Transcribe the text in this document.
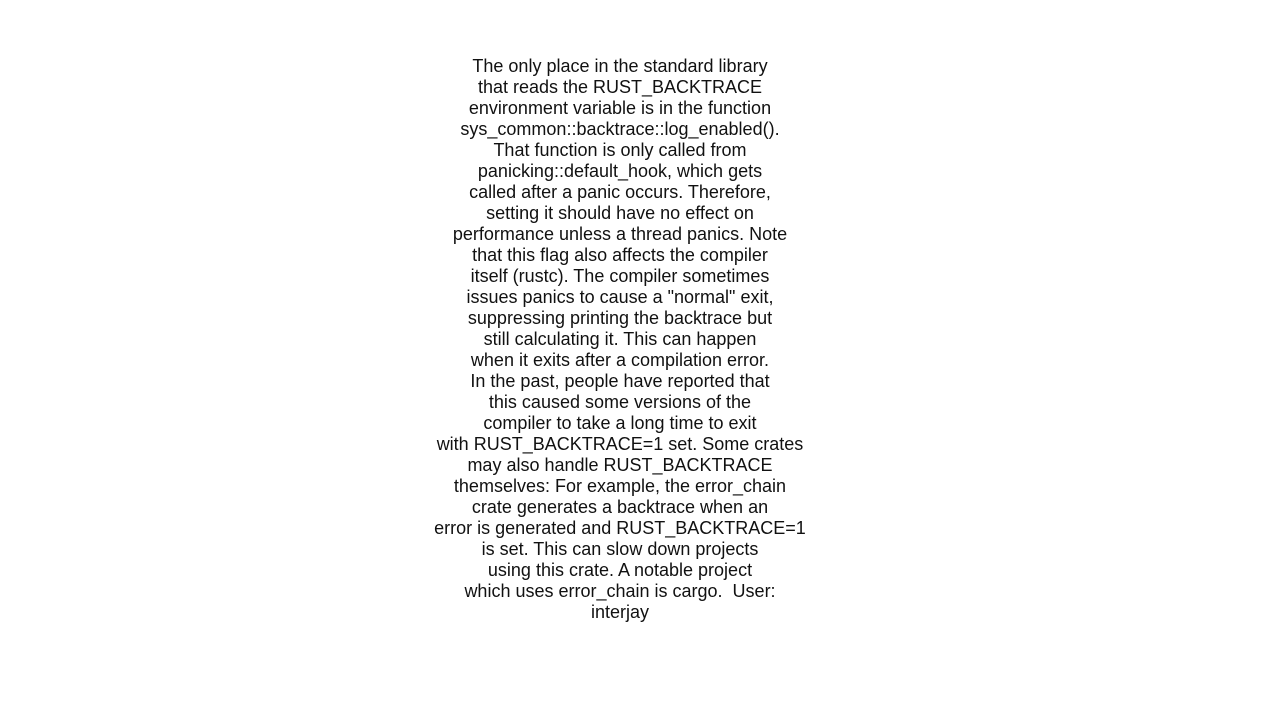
The only place in the standard library
that reads the RUST_BACKTRACE
environment variable is in the function
sys_common::backtrace::log_enabled().
That function is only called from
panicking::default_hook, which gets
called after a panic occurs. Therefore,
setting it should have no effect on
performance unless a thread panics. Note
that this flag also affects the compiler
itself (rustc). The compiler sometimes
issues panics to cause a "normal" exit,
suppressing printing the backtrace but
still calculating it. This can happen
when it exits after a compilation error.
In the past, people have reported that
this caused some versions of the
compiler to take a long time to exit
with RUST_BACKTRACE=1 set. Some crates
may also handle RUST_BACKTRACE
themselves: For example, the error_chain
crate generates a backtrace when an
error is generated and RUST_BACKTRACE=1
is set. This can slow down projects
using this crate. A notable project
which uses error_chain is cargo.  User:
interjay
